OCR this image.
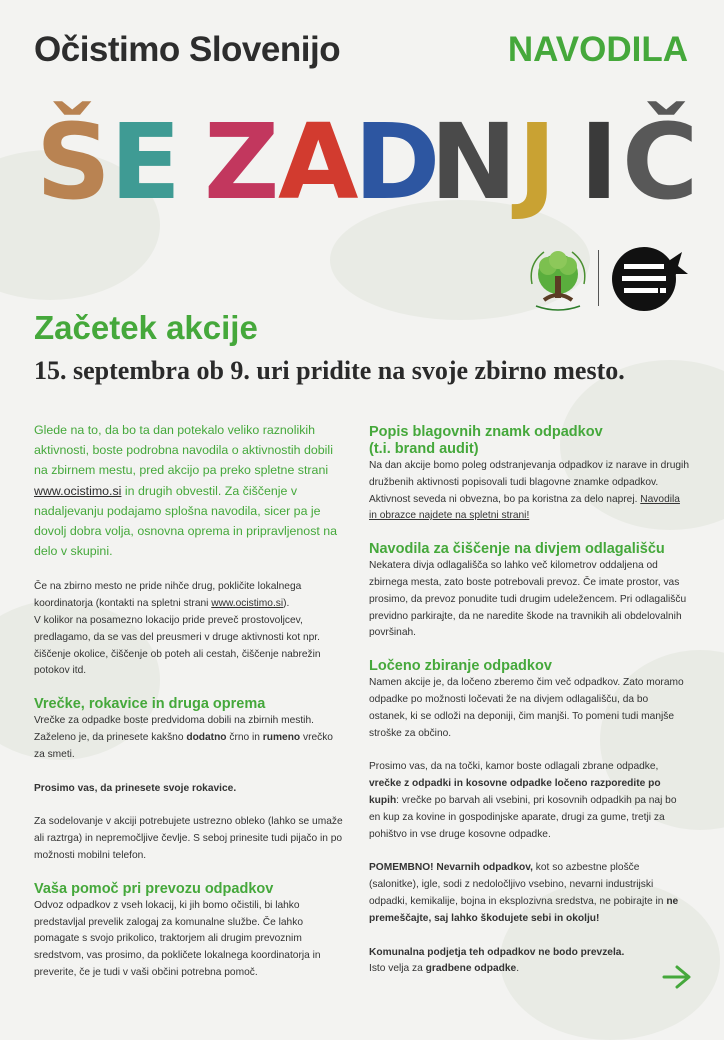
Očistimo Slovenijo	NAVODILA
Š E Z
A
D
N J I Č
Začetek akcije
15. septembra ob 9. uri pridite na svoje zbirno mesto.

Glede na to, da bo ta dan potekalo veliko raznolikih aktivnosti, boste podrobna navodila o aktivnostih dobili na zbirnem mestu, pred akcijo pa preko spletne strani www.ocistimo.si in drugih obvestil. Za čiščenje v nadaljevanju podajamo splošna navodila, sicer pa je dovolj dobra volja, osnovna oprema in pripravljenost na delo v skupini.

Če na zbirno mesto ne pride nihče drug, pokličite lokalnega koordinatorja (kontakti na spletni strani www.ocistimo.si).

V kolikor na posamezno lokacijo pride preveč prostovoljcev, predlagamo, da se vas del preusmeri v druge aktivnosti kot npr. čiščenje okolice, čiščenje ob poteh ali cestah, čiščenje nabrežin potokov itd.

Vrečke, rokavice in druga oprema

Vrečke za odpadke boste predvidoma dobili na zbirnih mestih. Zaželeno je, da prinesete kakšno dodatno črno in rumeno vrečko za smeti.

Prosimo vas, da prinesete svoje rokavice.

Za sodelovanje v akciji potrebujete ustrezno obleko (lahko se umaže ali raztrga) in nepremočljive čevlje. S seboj prinesite tudi pijačo in po možnosti mobilni telefon.

Vaša pomoč pri prevozu odpadkov

Odvoz odpadkov z vseh lokacij, ki jih bomo očistili, bi lahko predstavljal prevelik zalogaj za komunalne službe. Če lahko pomagate s svojo prikolico, traktorjem ali drugim prevoznim sredstvom, vas prosimo, da pokličete lokalnega koordinatorja in preverite, če je tudi v vaši občini potrebna pomoč.

Popis blagovnih znamk odpadkov (t.i. brand audit)

Na dan akcije bomo poleg odstranjevanja odpadkov iz narave in drugih družbenih aktivnosti popisovali tudi blagovne znamke odpadkov. Aktivnost seveda ni obvezna, bo pa koristna za delo naprej. Navodila in obrazce najdete na spletni strani!

Navodila za čiščenje na divjem odlagališču

Nekatera divja odlagališča so lahko več kilometrov oddaljena od zbirnega mesta, zato boste potrebovali prevoz. Če imate prostor, vas prosimo, da prevoz ponudite tudi drugim udeležencem. Pri odlagališču previdno parkirajte, da ne naredite škode na travnikih ali obdelovalnih površinah.

Ločeno zbiranje odpadkov

Namen akcije je, da ločeno zberemo čim več odpadkov. Zato moramo odpadke po možnosti ločevati že na divjem odlagališču, da bo ostanek, ki se odloži na deponiji, čim manjši. To pomeni tudi manjše stroške za občino.

Prosimo vas, da na točki, kamor boste odlagali zbrane odpadke, vrečke z odpadki in kosovne odpadke ločeno razporedite po kupih: vrečke po barvah ali vsebini, pri kosovnih odpadkih pa naj bo en kup za kovine in gospodinjske aparate, drugi za gume, tretji za pohištvo in vse druge kosovne odpadke.

POMEMBNO! Nevarnih odpadkov, kot so azbestne plošče (salonitke), igle, sodi z nedoločljivo vsebino, nevarni industrijski odpadki, kemikalije, bojna in eksplozivna sredstva, ne pobirajte in ne premeščajte, saj lahko škodujete sebi in okolju!

Komunalna podjetja teh odpadkov ne bodo prevzela.

Isto velja za gradbene odpadke.
